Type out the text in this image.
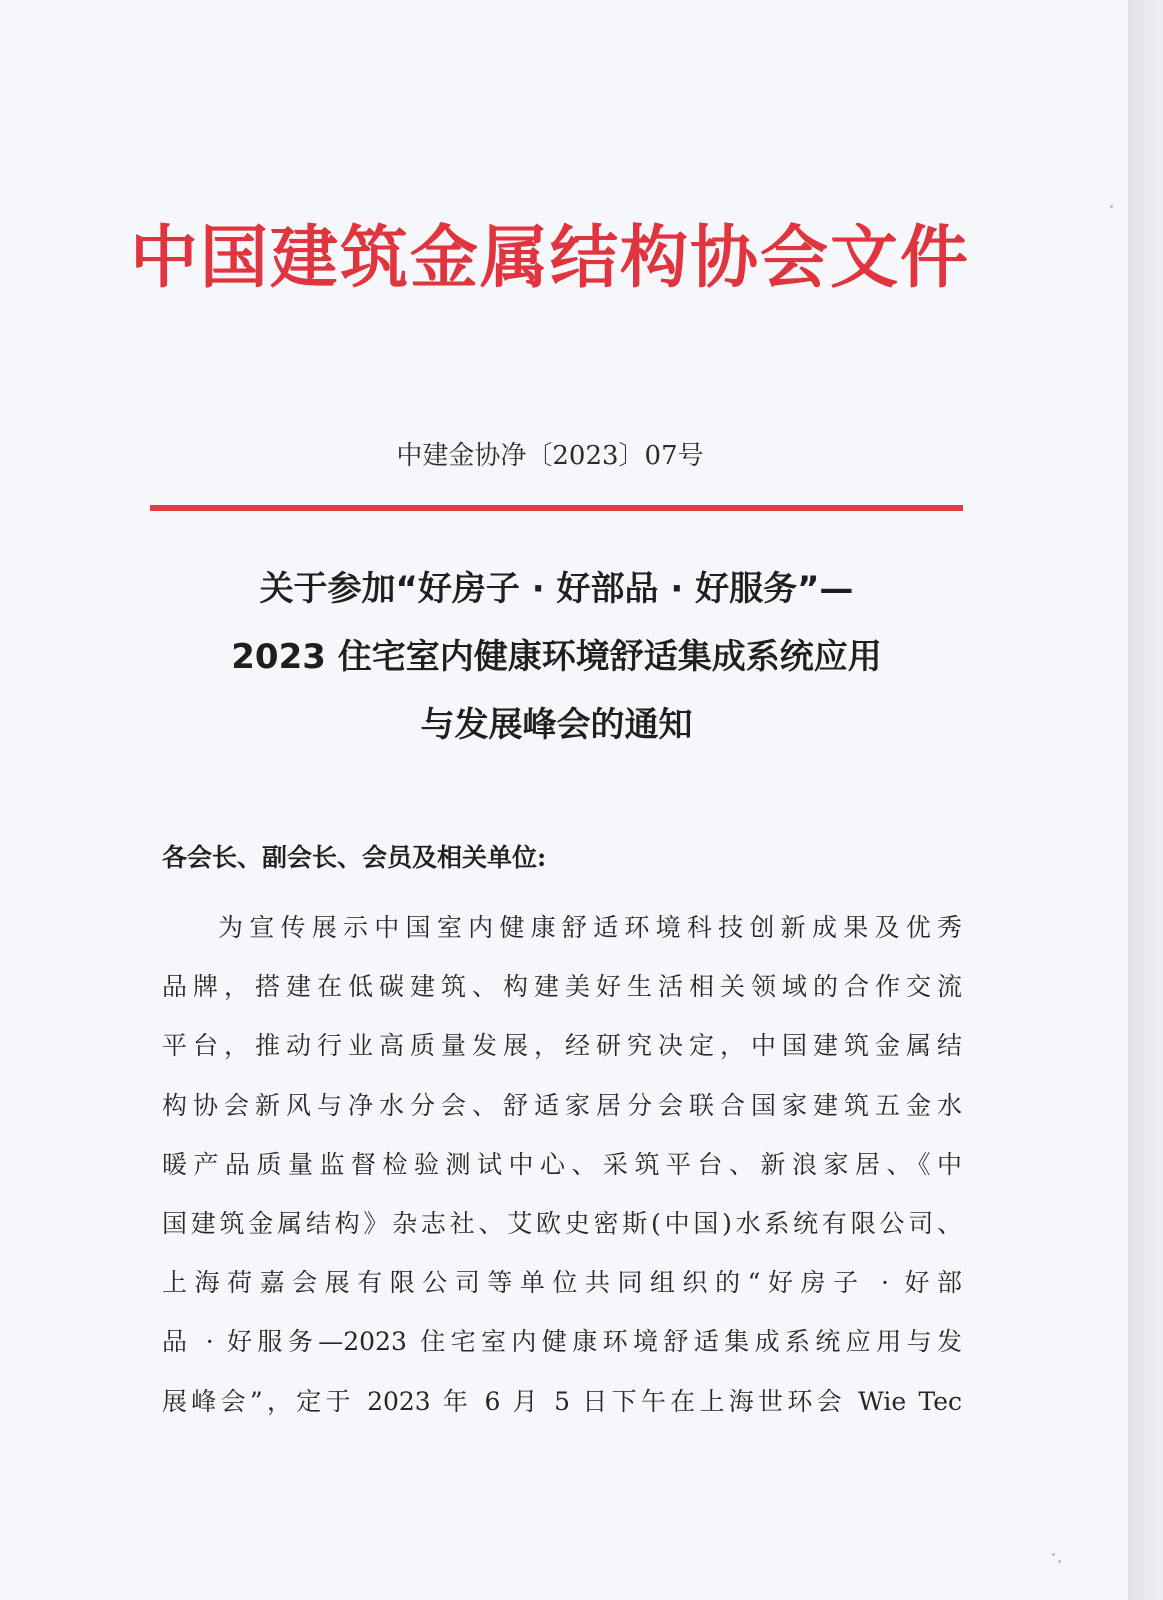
中国建筑金属结构协会文件
中建金协净〔2023〕07号
关于参加“好房子 · 好部品 · 好服务”—
2023 住宅室内健康环境舒适集成系统应用
与发展峰会的通知
各会长、副会长、会员及相关单位:
为宣传展示中国室内健康舒适环境科技创新成果及优秀
品牌，搭建在低碳建筑、构建美好生活相关领域的合作交流
平台，推动行业高质量发展，经研究决定，中国建筑金属结
构协会新风与净水分会、舒适家居分会联合国家建筑五金水
暖产品质量监督检验测试中心、采筑平台、新浪家居、《中
国建筑金属结构》杂志社、艾欧史密斯(中国)水系统有限公司、
上海荷嘉会展有限公司等单位共同组织的“好房子 · 好部
品 · 好服务—2023 住宅室内健康环境舒适集成系统应用与发
展峰会”，定于 2023 年 6 月 5 日下午在上海世环会 Wie Tec
